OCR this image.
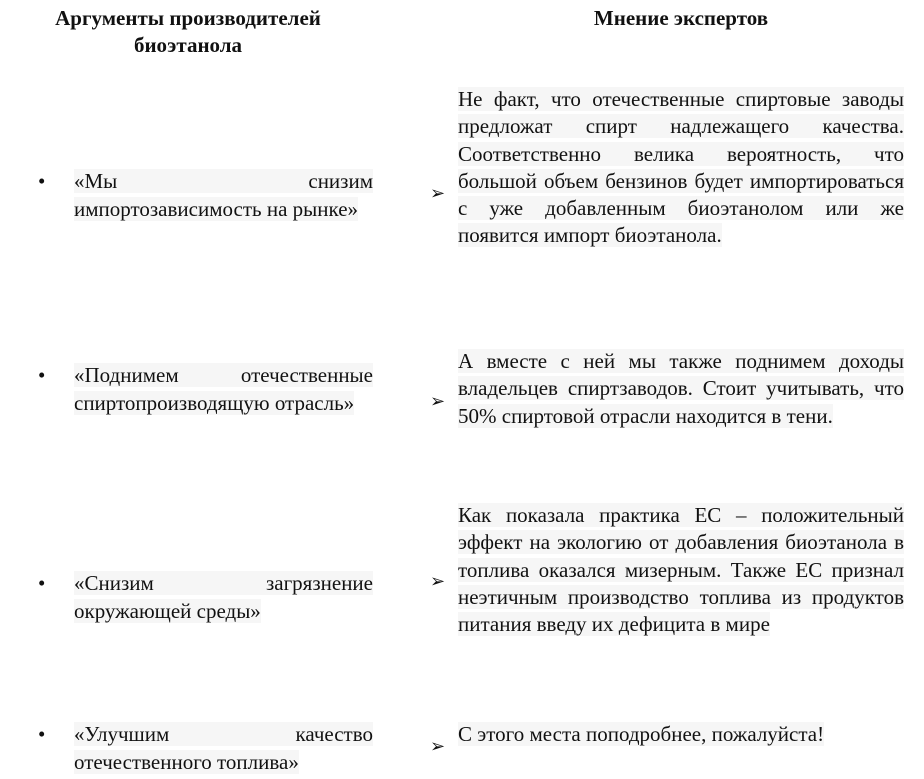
Аргументы производителей биоэтанола
Мнение экспертов
• «Мы снизим импортозависимость на рынке»
➢
Не факт, что отечественные спиртовые заводы предложат спирт надлежащего качества. Соответственно велика вероятность, что большой объем бензинов будет импортироваться с уже добавленным биоэтанолом или же появится импорт биоэтанола.
• «Поднимем отечественные спиртопроизводящую отрасль»	➢
А вместе с ней мы также поднимем доходы владельцев спиртзаводов. Стоит учитывать, что 50% спиртовой отрасли находится в тени.
• «Снизим загрязнение окружающей среды»
➢
Как показала практика ЕС – положительный эффект на экологию от добавления биоэтанола в топлива оказался мизерным. Также ЕС признал неэтичным производство топлива из продуктов питания введу их дефицита в мире
• «Улучшим качество отечественного топлива»
➢
С этого места поподробнее, пожалуйста!
